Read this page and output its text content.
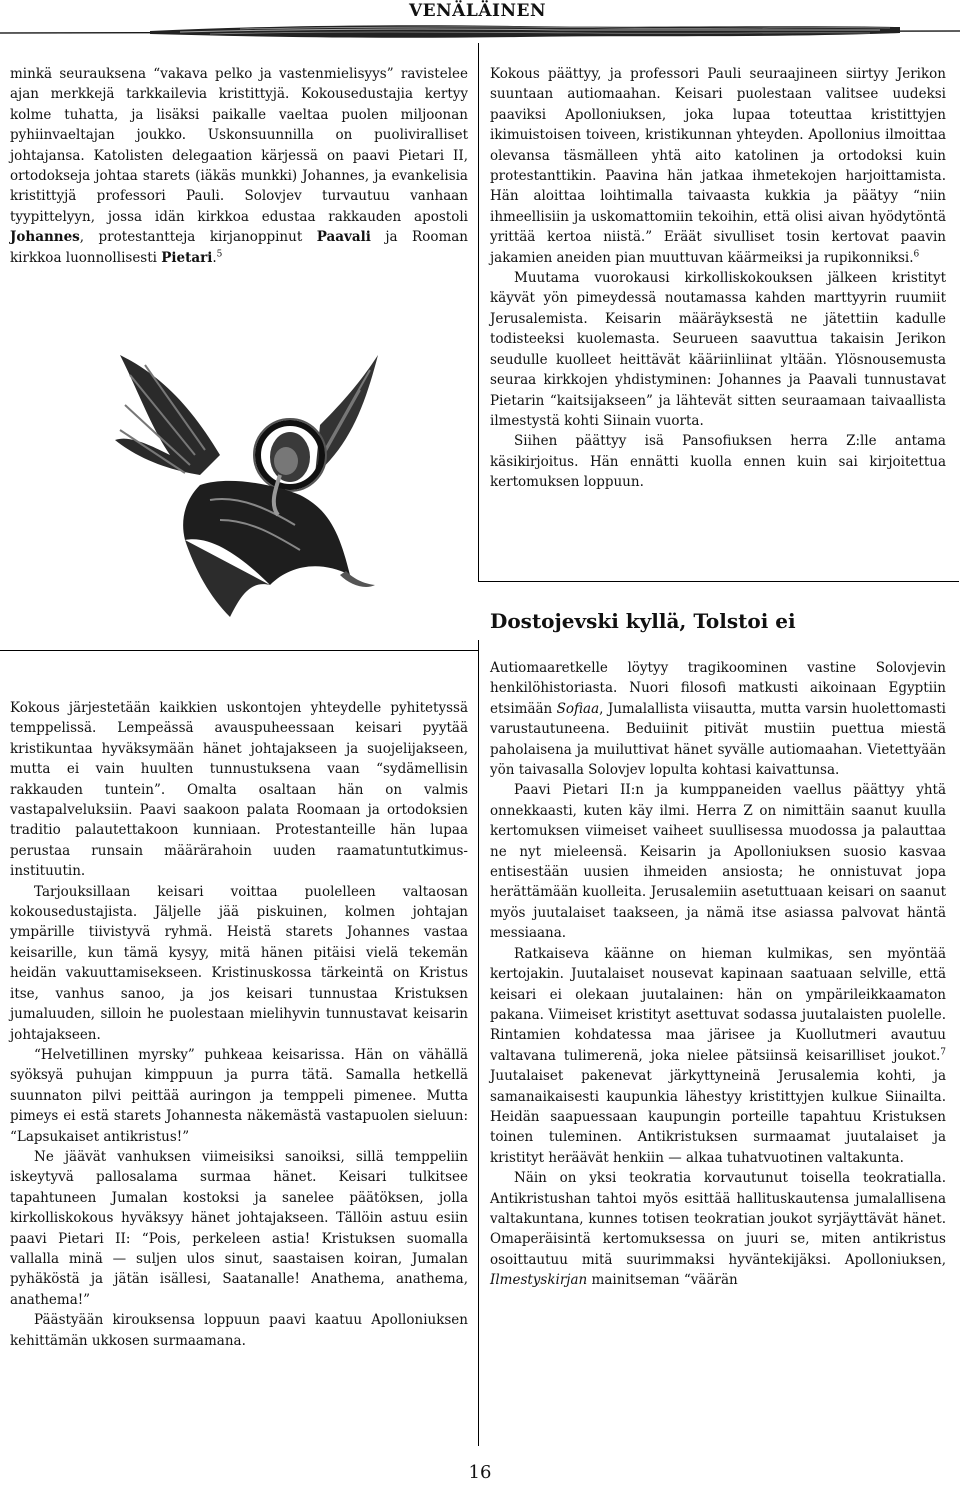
VENÄLÄINEN

minkä seurauksena “vakava pelko ja vastenmielisyys” ravistelee ajan merkkejä tarkkailevia kristittyjä. Kokousedustajia kertyy kolme tuhatta, ja lisäksi paikalle vaeltaa puolen miljoonan pyhiinvaeltajan joukko. Uskonsuunnilla on puoliviralliset johtajansa. Katolisten delegaation kärjessä on paavi Pietari II, ortodokseja johtaa starets (iäkäs munkki) Johannes, ja evankelisia kristittyjä professori Pauli. Solovjev turvautuu vanhaan tyypittelyyn, jossa idän kirkkoa edustaa rakkauden apostoli Johannes, protestantteja kirjanoppinut Paavali ja Rooman kirkkoa luonnollisesti Pietari.$^5$

Kokous päättyy, ja professori Pauli seuraajineen siirtyy Jerikon suuntaan autiomaahan. Keisari puolestaan valitsee uudeksi paaviksi Apolloniuksen, joka lupaa toteuttaa kristittyjen ikimuistoisen toiveen, kristikunnan yhteyden. Apollonius ilmoittaa olevansa täsmälleen yhtä aito katolinen ja ortodoksi kuin protestanttikin. Paavina hän jatkaa ihmetekojen harjoittamista. Hän aloittaa loihtimalla taivaasta kukkia ja päätyy “niin ihmeellisiin ja uskomattomiin tekoihin, että olisi aivan hyödytöntä yrittää kertoa niistä.” Eräät sivulliset tosin kertovat paavin jakamien aneiden pian muuttuvan käärmeiksi ja rupikonniksi.$^6$

Muutama vuorokausi kirkolliskokouksen jälkeen kristityt käyvät yön pimeydessä noutamassa kahden marttyyrin ruumiit Jerusalemista. Keisarin määräyksestä ne jätettiin kadulle todisteeksi kuolemasta. Seurueen saavuttua takaisin Jerikon seudulle kuolleet heittävät kääriinliinat yltään. Ylösnousemusta seuraa kirkkojen yhdistyminen: Johannes ja Paavali tunnustavat Pietarin “kaitsijakseen” ja lähtevät sitten seuraamaan taivaallista ilmestystä kohti Siinain vuorta.

Siihen päättyy isä Pansofiuksen herra Z:lle antama käsikirjoitus. Hän ennätti kuolla ennen kuin sai kirjoitettua kertomuksen loppuun.

Dostojevski kyllä, Tolstoi ei

Kokous järjestetään kaikkien uskontojen yhteydelle pyhitetyssä temppelissä. Lempeässä avauspuheessaan keisari pyytää kristikuntaa hyväksymään hänet johtajakseen ja suojelijakseen, mutta ei vain huulten tunnustuksena vaan “sydämellisin rakkauden tuntein”. Omalta osaltaan hän on valmis vastapalveluksiin. Paavi saakoon palata Roomaan ja ortodoksien traditio palautettakoon kunniaan. Protestanteille hän lupaa perustaa runsain määrärahoin uuden raamatuntutkimus-instituutin.

Tarjouksillaan keisari voittaa puolelleen valtaosan kokousedustajista. Jäljelle jää piskuinen, kolmen johtajan ympärille tiivistyvä ryhmä. Heistä starets Johannes vastaa keisarille, kun tämä kysyy, mitä hänen pitäisi vielä tekemän heidän vakuuttamisekseen. Kristinuskossa tärkeintä on Kristus itse, vanhus sanoo, ja jos keisari tunnustaa Kristuksen jumaluuden, silloin he puolestaan mielihyvin tunnustavat keisarin johtajakseen.

“Helvetillinen myrsky” puhkeaa keisarissa. Hän on vähällä syöksyä puhujan kimppuun ja purra tätä. Samalla hetkellä suunnaton pilvi peittää auringon ja temppeli pimenee. Mutta pimeys ei estä starets Johannesta näkemästä vastapuolen sieluun: “Lapsukaiset antikristus!”

Ne jäävät vanhuksen viimeisiksi sanoiksi, sillä temppeliin iskeytyvä pallosalama surmaa hänet. Keisari tulkitsee tapahtuneen Jumalan kostoksi ja sanelee päätöksen, jolla kirkolliskokous hyväksyy hänet johtajakseen. Tällöin astuu esiin paavi Pietari II: “Pois, perkeleen astia! Kristuksen suomalla vallalla minä — suljen ulos sinut, saastaisen koiran, Jumalan pyhäköstä ja jätän isällesi, Saatanalle! Anathema, anathema, anathema!”

Päästyään kirouksensa loppuun paavi kaatuu Apolloniuksen kehittämän ukkosen surmaamana.

Autiomaaretkelle löytyy tragikoominen vastine Solovjevin henkilöhistoriasta. Nuori filosofi matkusti aikoinaan Egyptiin etsimään Sofiaa, Jumalallista viisautta, mutta varsin huolettomasti varustautuneena. Beduiinit pitivät mustiin puettua miestä paholaisena ja muiluttivat hänet syvälle autiomaahan. Vietettyään yön taivasalla Solovjev lopulta kohtasi kaivattunsa.

Paavi Pietari II:n ja kumppaneiden vaellus päättyy yhtä onnekkaasti, kuten käy ilmi. Herra Z on nimittäin saanut kuulla kertomuksen viimeiset vaiheet suullisessa muodossa ja palauttaa ne nyt mieleensä. Keisarin ja Apolloniuksen suosio kasvaa entisestään uusien ihmeiden ansiosta; he onnistuvat jopa herättämään kuolleita. Jerusalemiin asetuttuaan keisari on saanut myös juutalaiset taakseen, ja nämä itse asiassa palvovat häntä messiaana.

Ratkaiseva käänne on hieman kulmikas, sen myöntää kertojakin. Juutalaiset nousevat kapinaan saatuaan selville, että keisari ei olekaan juutalainen: hän on ympärileikkaamaton pakana. Viimeiset kristityt asettuvat sodassa juutalaisten puolelle. Rintamien kohdatessa maa järisee ja Kuollutmeri avautuu valtavana tulimerenä, joka nielee pätsiinsä keisarilliset joukot.$^7$ Juutalaiset pakenevat järkyttyneinä Jerusalemia kohti, ja samanaikaisesti kaupunkia lähestyy kristittyjen kulkue Siinailta. Heidän saapuessaan kaupungin porteille tapahtuu Kristuksen toinen tuleminen. Antikristuksen surmaamat juutalaiset ja kristityt heräävät henkiin — alkaa tuhatvuotinen valtakunta.

Näin on yksi teokratia korvautunut toisella teokratialla. Antikristushan tahtoi myös esittää hallituskautensa jumalallisena valtakuntana, kunnes totisen teokratian joukot syrjäyttävät hänet. Omaperäisintä kertomuksessa on juuri se, miten antikristus osoittautuu mitä suurimmaksi hyväntekijäksi. Apolloniuksen, Ilmestyskirjan mainitseman “väärän

16
